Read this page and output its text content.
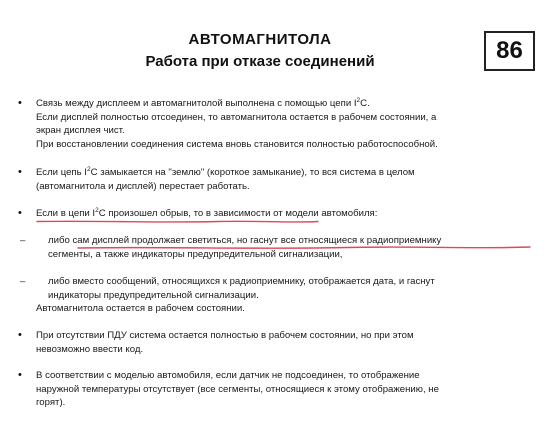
АВТОМАГНИТОЛА
Работа при отказе соединений	86
•	Связь между дисплеем и автомагнитолой выполнена с помощью цепи $I^2C$.
Если дисплей полностью отсоединен, то автомагнитола остается в рабочем состоянии, а
экран дисплея чист.
При восстановлении соединения система вновь становится полностью работоспособной.
•	Если цепь $I^2C$ замыкается на "землю" (короткое замыкание), то вся система в целом
(автомагнитола и дисплей) перестает работать.
•	Если в цепи $I^2C$ произошел обрыв, то в зависимости от модели автомобиля:
–	либо сам дисплей продолжает светиться, но гаснут все относящиеся к радиоприемнику
сегменты, а также индикаторы предупредительной сигнализации,
–	либо вместо сообщений, относящихся к радиоприемнику, отображается дата, и гаснут
индикаторы предупредительной сигнализации.
Автомагнитола остается в рабочем состоянии.
•	При отсутствии ПДУ система остается полностью в рабочем состоянии, но при этом
невозможно ввести код.
•	В соответствии с моделью автомобиля, если датчик не подсоединен, то отображение
наружной температуры отсутствует (все сегменты, относящиеся к этому отображению, не
горят).
